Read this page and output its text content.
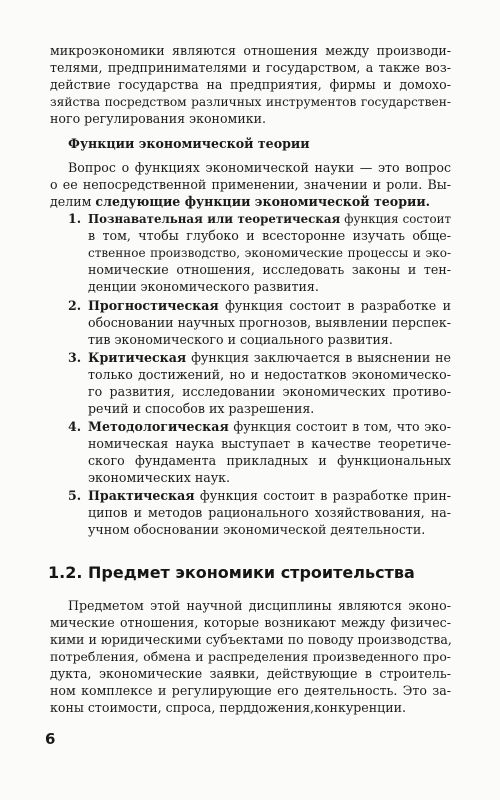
микроэкономики являются отношения между производи-
телями, предпринимателями и государством, а также воз-
действие государства на предприятия, фирмы и домохо-
зяйства посредством различных инструментов государствен-
ного регулирования экономики.
Функции экономической теории
Вопрос о функциях экономической науки — это вопрос
о ее непосредственной применении, значении и роли. Вы-
делим следующие функции экономической теории.
1. Познавательная или теоретическая функция состоит
в том, чтобы глубоко и всесторонне изучать обще-
ственное производство, экономические процессы и эко-
номические отношения, исследовать законы и тен-
денции экономического развития.
2. Прогностическая функция состоит в разработке и
обосновании научных прогнозов, выявлении перспек-
тив экономического и социального развития.
3. Критическая функция заключается в выяснении не
только достижений, но и недостатков экономическо-
го развития, исследовании экономических противо-
речий и способов их разрешения.
4. Методологическая функция состоит в том, что эко-
номическая наука выступает в качестве теоретиче-
ского фундамента прикладных и функциональных
экономических наук.
5. Практическая функция состоит в разработке прин-
ципов и методов рационального хозяйствования, на-
учном обосновании экономической деятельности.
1.2. Предмет экономики строительства
Предметом этой научной дисциплины являются эконо-
мические отношения, которые возникают между физичес-
кими и юридическими субъектами по поводу производства,
потребления, обмена и распределения произведенного про-
дукта, экономические заявки, действующие в строитель-
ном комплексе и регулирующие его деятельность. Это за-
коны стоимости, спроса, перддожения,конкуренции.
6
